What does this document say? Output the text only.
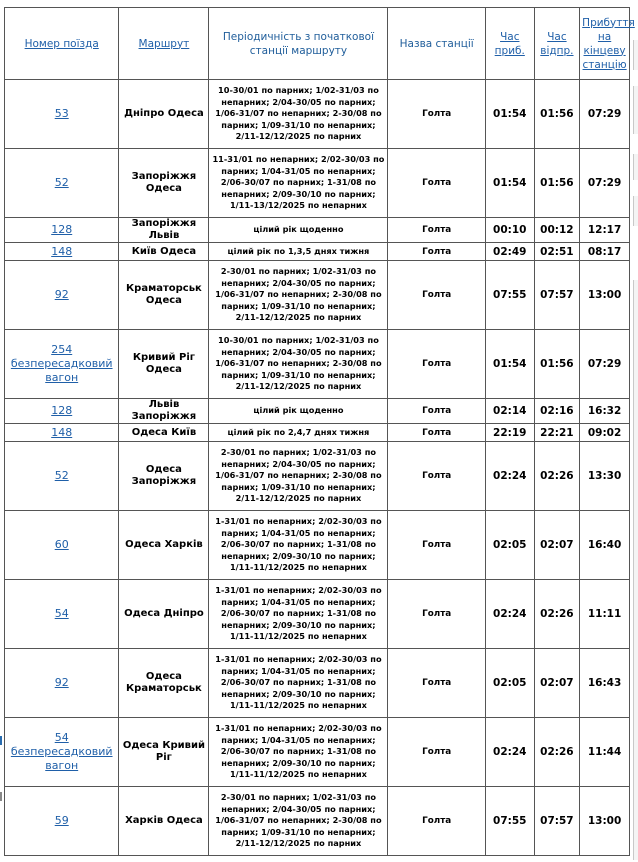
Номер поїзда	Маршрут	Періодичність з початкової станції маршруту	Назва станції	Час приб.	Час відпр.	Прибуття на кінцеву станцію
53	Дніпро Одеса	10-30/01 по парних; 1/02-31/03 по непарних; 2/04-30/05 по парних; 1/06-31/07 по непарних; 2-30/08 по парних; 1/09-31/10 по непарних; 2/11-12/12/2025 по парних	Голта	01:54	01:56	07:29
52	Запоріжжя Одеса	11-31/01 по непарних; 2/02-30/03 по парних; 1/04-31/05 по непарних; 2/06-30/07 по парних; 1-31/08 по непарних; 2/09-30/10 по парних; 1/11-13/12/2025 по непарних	Голта	01:54	01:56	07:29
128	Запоріжжя Львів	цілий рік щоденно	Голта	00:10	00:12	12:17
148	Київ Одеса	цілий рік по 1,3,5 днях тижня	Голта	02:49	02:51	08:17
92	Краматорськ Одеса	2-30/01 по парних; 1/02-31/03 по непарних; 2/04-30/05 по парних; 1/06-31/07 по непарних; 2-30/08 по парних; 1/09-31/10 по непарних; 2/11-12/12/2025 по парних	Голта	07:55	07:57	13:00
254 безпересадковий вагон	Кривий Ріг Одеса	10-30/01 по парних; 1/02-31/03 по непарних; 2/04-30/05 по парних; 1/06-31/07 по непарних; 2-30/08 по парних; 1/09-31/10 по непарних; 2/11-12/12/2025 по парних	Голта	01:54	01:56	07:29
128	Львів Запоріжжя	цілий рік щоденно	Голта	02:14	02:16	16:32
148	Одеса Київ	цілий рік по 2,4,7 днях тижня	Голта	22:19	22:21	09:02
52	Одеса Запоріжжя	2-30/01 по парних; 1/02-31/03 по непарних; 2/04-30/05 по парних; 1/06-31/07 по непарних; 2-30/08 по парних; 1/09-31/10 по непарних; 2/11-12/12/2025 по парних	Голта	02:24	02:26	13:30
60	Одеса Харків	1-31/01 по непарних; 2/02-30/03 по парних; 1/04-31/05 по непарних; 2/06-30/07 по парних; 1-31/08 по непарних; 2/09-30/10 по парних; 1/11-11/12/2025 по непарних	Голта	02:05	02:07	16:40
54	Одеса Дніпро	1-31/01 по непарних; 2/02-30/03 по парних; 1/04-31/05 по непарних; 2/06-30/07 по парних; 1-31/08 по непарних; 2/09-30/10 по парних; 1/11-11/12/2025 по непарних	Голта	02:24	02:26	11:11
92	Одеса Краматорськ	1-31/01 по непарних; 2/02-30/03 по парних; 1/04-31/05 по непарних; 2/06-30/07 по парних; 1-31/08 по непарних; 2/09-30/10 по парних; 1/11-11/12/2025 по непарних	Голта	02:05	02:07	16:43
54 безпересадковий вагон	Одеса Кривий Ріг	1-31/01 по непарних; 2/02-30/03 по парних; 1/04-31/05 по непарних; 2/06-30/07 по парних; 1-31/08 по непарних; 2/09-30/10 по парних; 1/11-11/12/2025 по непарних	Голта	02:24	02:26	11:44
59	Харків Одеса	2-30/01 по парних; 1/02-31/03 по непарних; 2/04-30/05 по парних; 1/06-31/07 по непарних; 2-30/08 по парних; 1/09-31/10 по непарних; 2/11-12/12/2025 по парних	Голта	07:55	07:57	13:00
